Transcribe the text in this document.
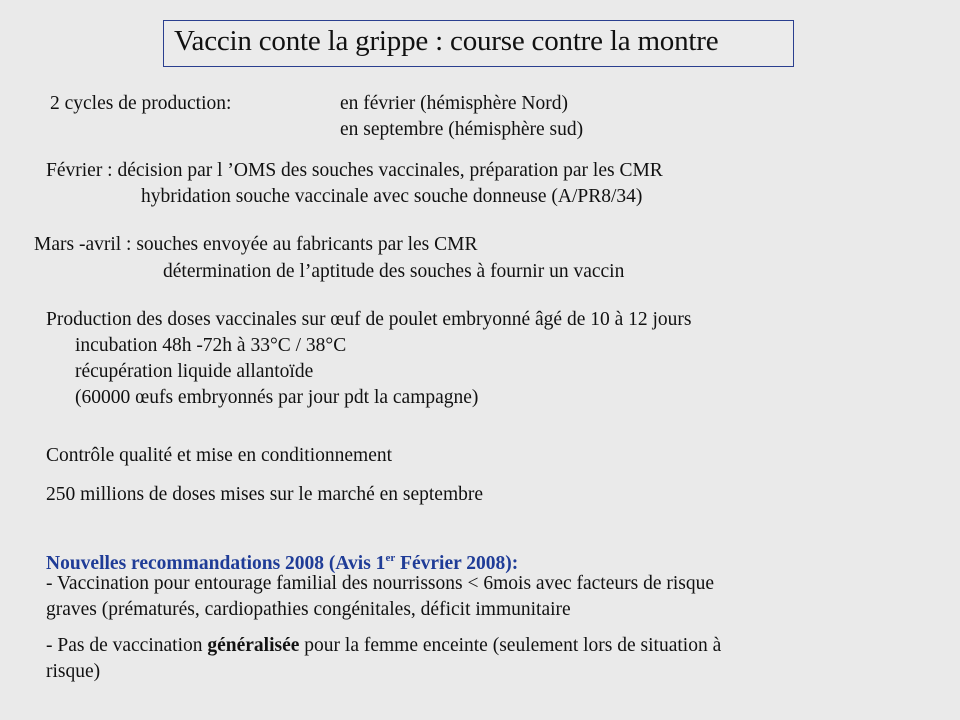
Vaccin conte la grippe : course contre la montre
2 cycles de production:	en février (hémisphère Nord)
en septembre (hémisphère sud)
Février : décision par l ’OMS des souches vaccinales, préparation par les CMR
hybridation souche vaccinale avec souche donneuse (A/PR8/34)
Mars -avril : souches envoyée au fabricants par les CMR
détermination de l’aptitude des souches à fournir un vaccin
Production des doses vaccinales sur œuf de poulet embryonné âgé de 10 à 12 jours
incubation 48h -72h à 33°C / 38°C
récupération liquide allantoïde
(60000 œufs embryonnés par jour pdt la campagne)
Contrôle qualité et mise en conditionnement
250 millions de doses mises sur le marché en septembre
Nouvelles recommandations 2008 (Avis 1er Février 2008):
- Vaccination pour entourage familial des nourrissons < 6mois avec facteurs de risque
graves (prématurés, cardiopathies congénitales, déficit immunitaire
- Pas de vaccination généralisée pour la femme enceinte (seulement lors de situation à
risque)
